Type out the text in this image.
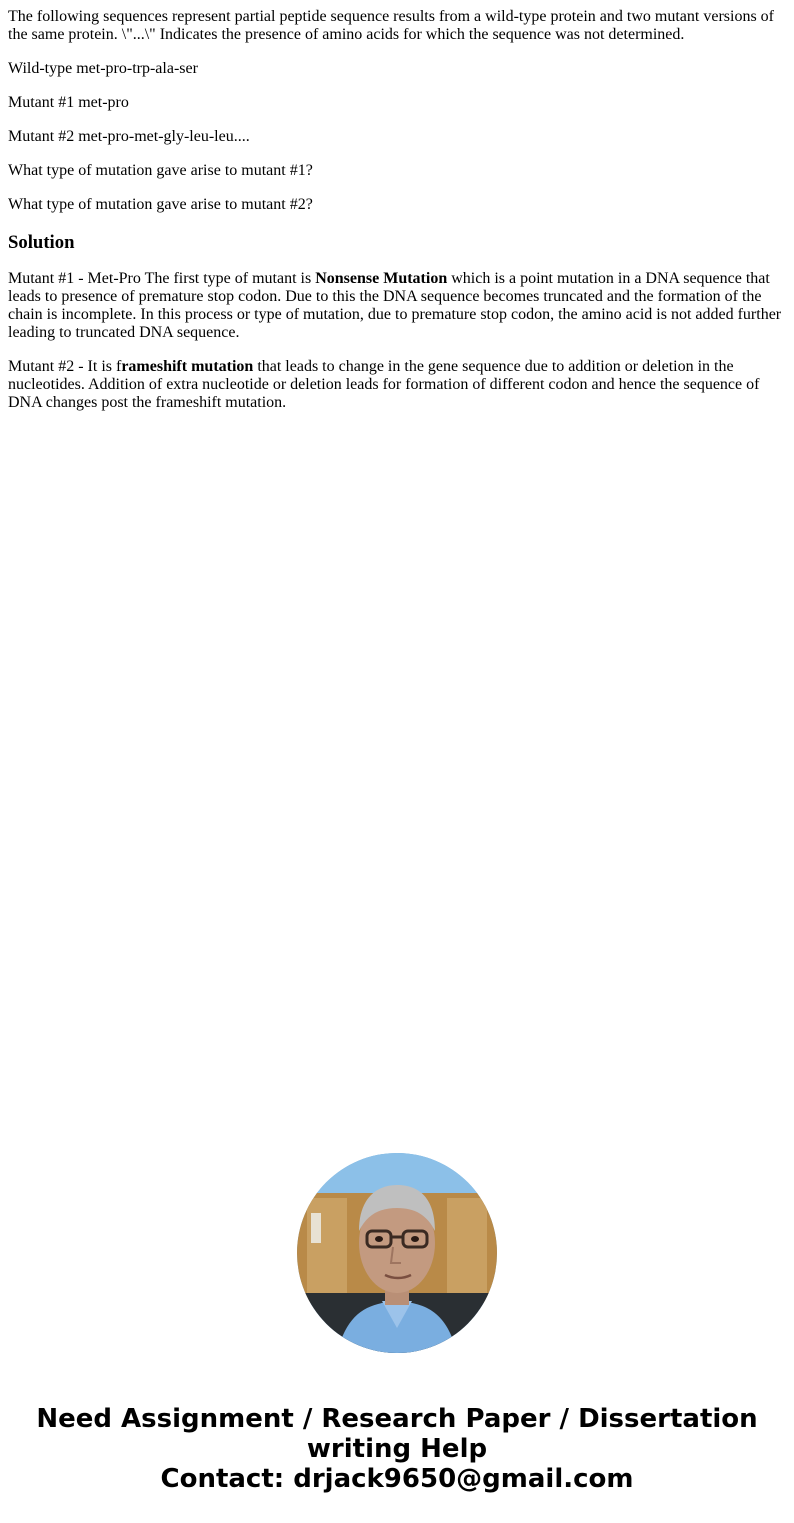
The following sequences represent partial peptide sequence results from a wild-type protein and two mutant versions of the same protein. \"...\" Indicates the presence of amino acids for which the sequence was not determined.

Wild-type met-pro-trp-ala-ser

Mutant #1 met-pro

Mutant #2 met-pro-met-gly-leu-leu....

What type of mutation gave arise to mutant #1?

What type of mutation gave arise to mutant #2?

Solution

Mutant #1 - Met-Pro The first type of mutant is Nonsense Mutation which is a point mutation in a DNA sequence that leads to presence of premature stop codon. Due to this the DNA sequence becomes truncated and the formation of the chain is incomplete. In this process or type of mutation, due to premature stop codon, the amino acid is not added further leading to truncated DNA sequence.

Mutant #2 - It is frameshift mutation that leads to change in the gene sequence due to addition or deletion in the nucleotides. Addition of extra nucleotide or deletion leads for formation of different codon and hence the sequence of DNA changes post the frameshift mutation.

Need Assignment / Research Paper / Dissertation
writing Help
Contact: drjack9650@gmail.com
